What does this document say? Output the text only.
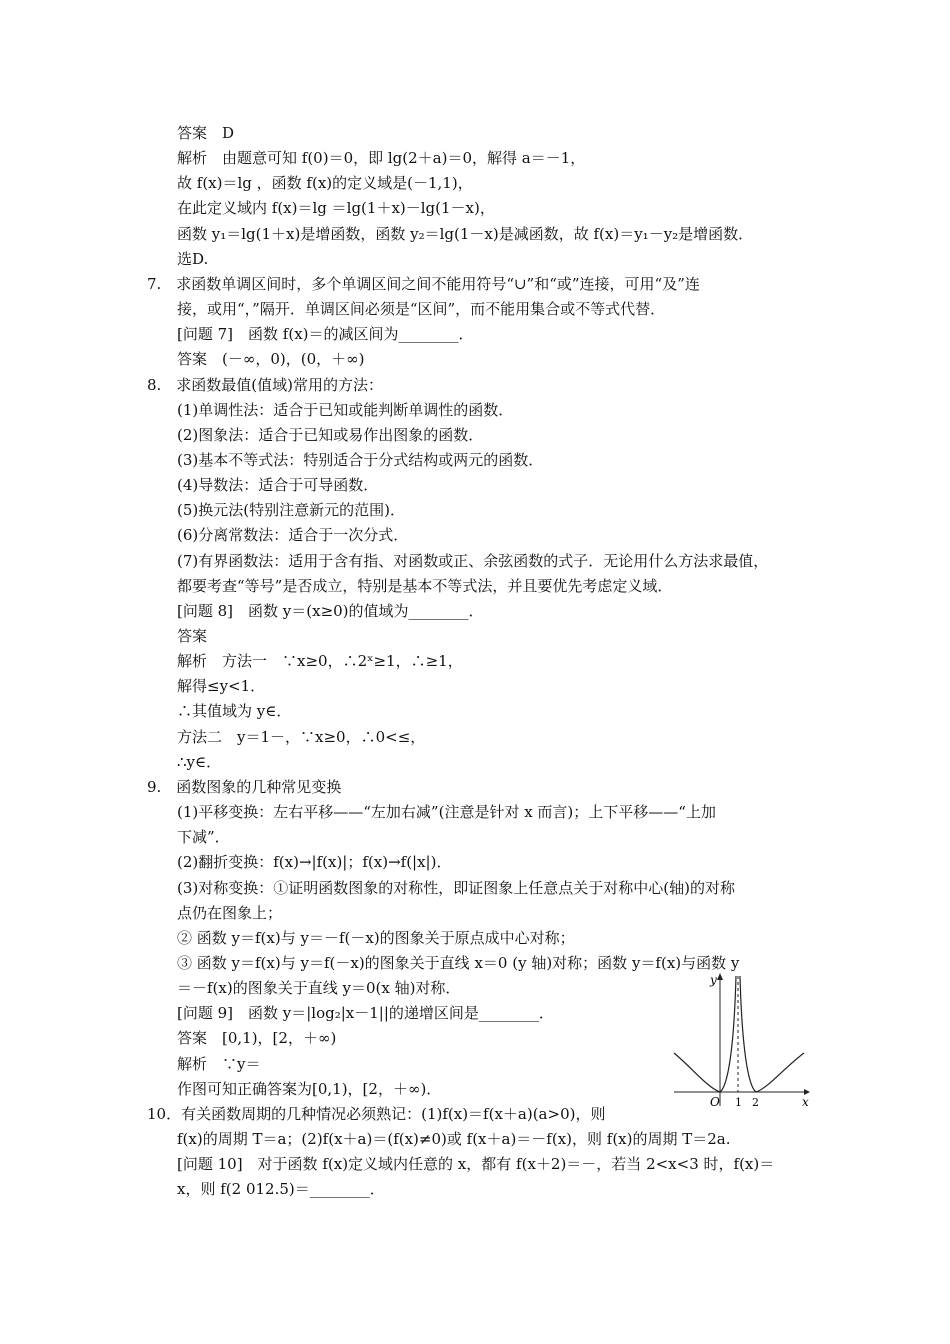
y
x
O 1 2
答案　D
解析　由题意可知 f(0)＝0，即 lg(2＋a)＝0，解得 a＝－1，
故 f(x)＝lg ，函数 f(x)的定义域是(－1,1)，
在此定义域内 f(x)＝lg ＝lg(1＋x)－lg(1－x)，
函数 y₁＝lg(1＋x)是增函数，函数 y₂＝lg(1－x)是减函数，故 f(x)＝y₁－y₂是增函数．
选D.
7.　求函数单调区间时，多个单调区间之间不能用符号“∪”和“或”连接，可用“及”连
接，或用“，”隔开．单调区间必须是“区间”，而不能用集合或不等式代替．
[问题 7]　函数 f(x)＝的减区间为________．
答案　(－∞，0)，(0，＋∞)
8.　求函数最值(值域)常用的方法：
(1)单调性法：适合于已知或能判断单调性的函数．
(2)图象法：适合于已知或易作出图象的函数．
(3)基本不等式法：特别适合于分式结构或两元的函数．
(4)导数法：适合于可导函数．
(5)换元法(特别注意新元的范围)．
(6)分离常数法：适合于一次分式．
(7)有界函数法：适用于含有指、对函数或正、余弦函数的式子．无论用什么方法求最值，
都要考查“等号”是否成立，特别是基本不等式法，并且要优先考虑定义域．
[问题 8]　函数 y＝(x≥0)的值域为________．
答案
解析　方法一　∵x≥0，∴2ˣ≥1，∴≥1，
解得≤y<1．
∴其值域为 y∈．
方法二　y＝1－，∵x≥0，∴0<≤，
∴y∈．
9.　函数图象的几种常见变换
(1)平移变换：左右平移——“左加右减”(注意是针对 x 而言)；上下平移——“上加
下减”．
(2)翻折变换：f(x)→|f(x)|；f(x)→f(|x|)．
(3)对称变换：①证明函数图象的对称性，即证图象上任意点关于对称中心(轴)的对称
点仍在图象上；
② 函数 y＝f(x)与 y＝－f(－x)的图象关于原点成中心对称；
③ 函数 y＝f(x)与 y＝f(－x)的图象关于直线 x＝0 (y 轴)对称；函数 y＝f(x)与函数 y
＝－f(x)的图象关于直线 y＝0(x 轴)对称．
[问题 9]　函数 y＝|log₂|x－1||的递增区间是________．
答案　[0,1)，[2，＋∞)
解析　∵y＝
作图可知正确答案为[0,1)，[2，＋∞)．
10．有关函数周期的几种情况必须熟记：(1)f(x)＝f(x＋a)(a>0)，则
f(x)的周期 T＝a；(2)f(x＋a)＝(f(x)≠0)或 f(x＋a)＝－f(x)，则 f(x)的周期 T＝2a.
[问题 10]　对于函数 f(x)定义域内任意的 x，都有 f(x＋2)＝－，若当 2<x<3 时，f(x)＝
x，则 f(2 012.5)＝________．
